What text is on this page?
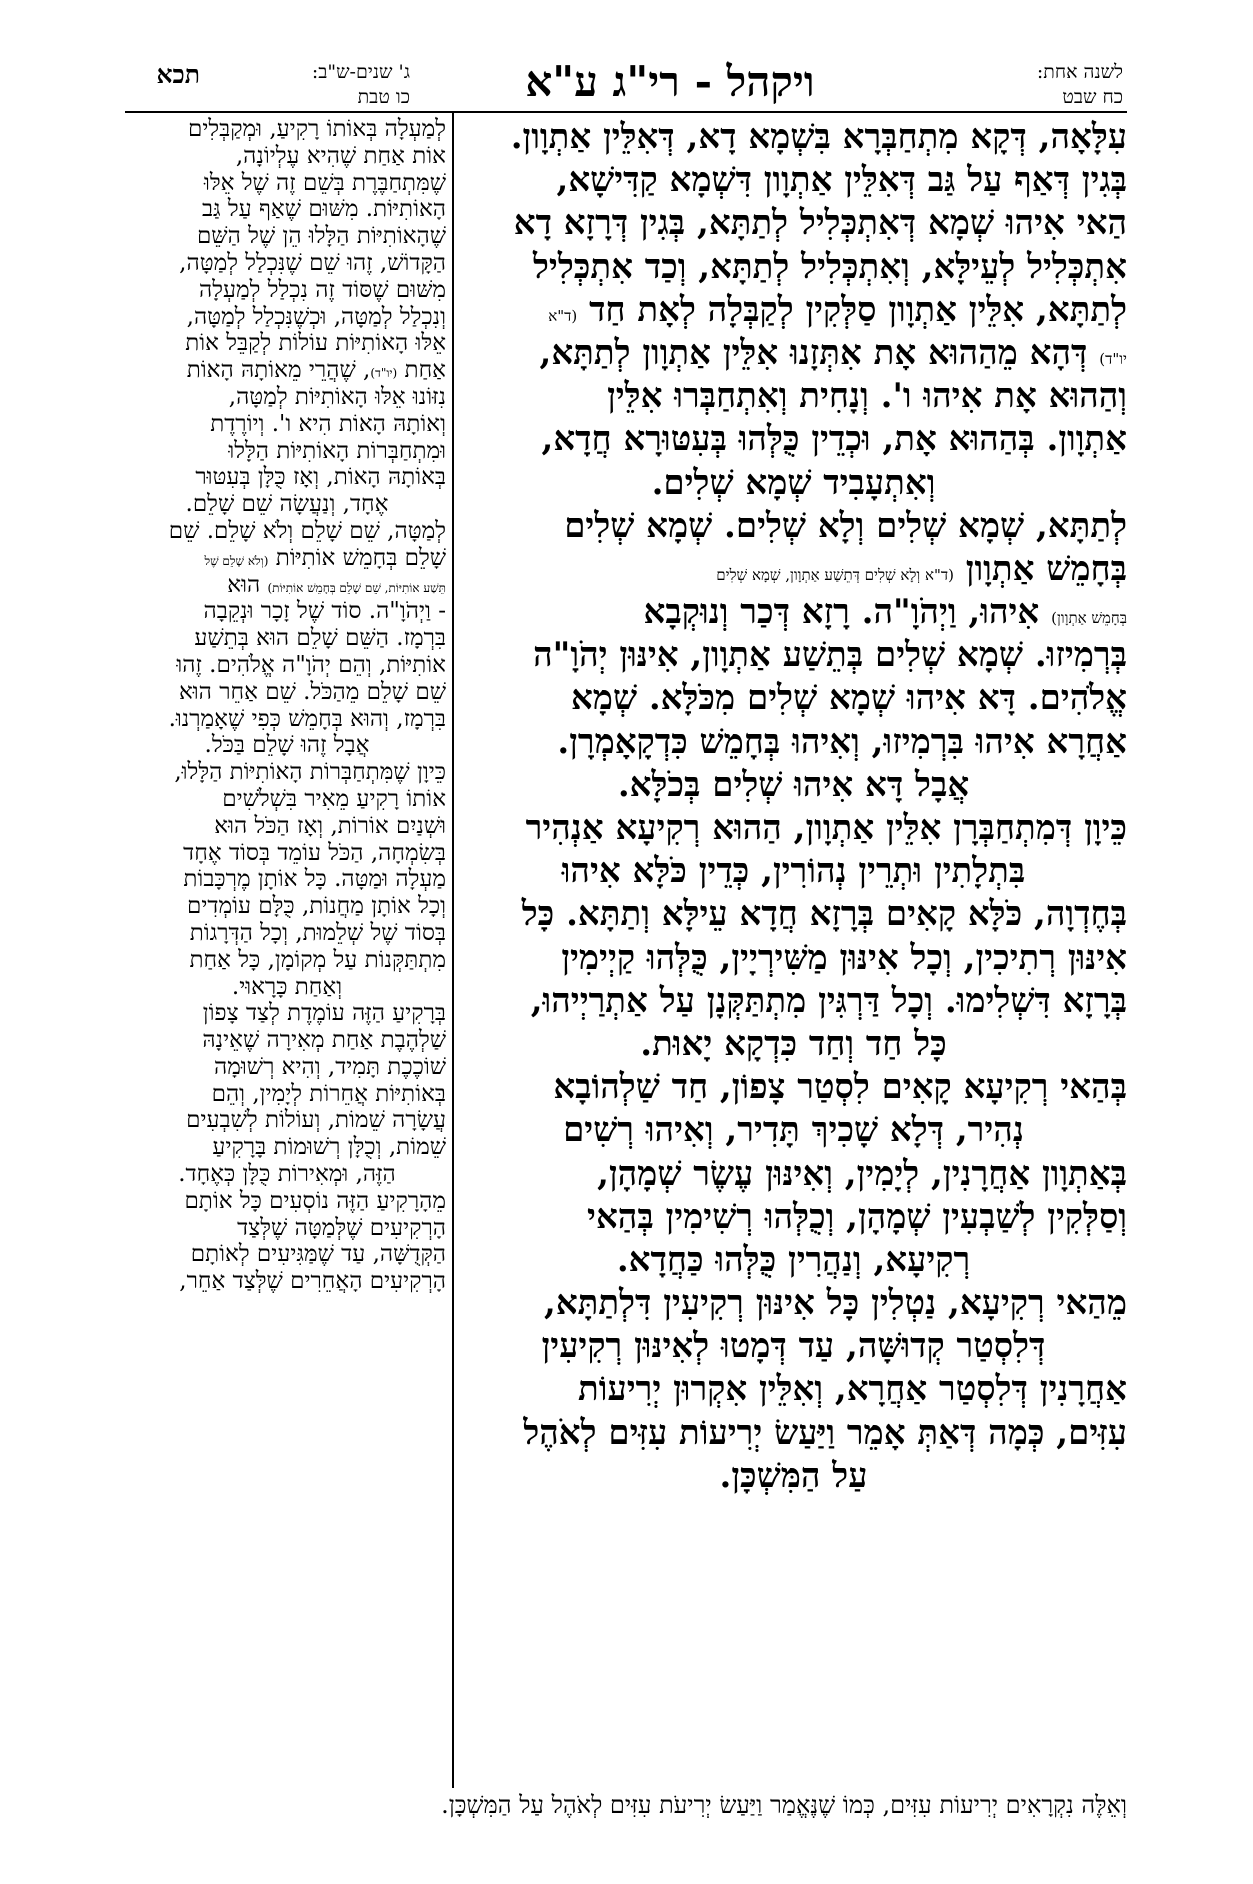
לשנה אחת:
כח שבט
ויקהל - רי"ג ע"א
ג' שנים-ש"ב:
כו טבת
תכא
עִלָּאָה, דְּקָא מִתְחַבְּרָא בִּשְׁמָא דָא, דְּאִלֵּין אַתְוָון.
בְּגִין דְּאַף עַל גַּב דְּאִלֵּין אַתְוָון דִּשְׁמָא קַדִּישָׁא,
הַאי אִיהוּ שְׁמָא דְּאִתְכְּלִיל לְתַתָּא, בְּגִין דְּרָזָא דָא
אִתְכְּלִיל לְעֵילָּא, וְאִתְכְּלִיל לְתַתָּא, וְכַד אִתְכְּלִיל
לְתַתָּא, אִלֵּין אַתְוָון סַלְּקִין לְקַבְּלָה לְאָת חַד (ד"א
יו"ד) דְּהָא מֵהַהוּא אָת אִתְּזָנוּ אִלֵּין אַתְוָון לְתַתָּא,
וְהַהוּא אָת אִיהוּ ו'. וְנָחִית וְאִתְחַבְּרוּ אִלֵּין
אַתְוָון. בְּהַהוּא אָת, וּכְדֵין כֻּלְּהוּ בְּעִטּוּרָא חֲדָא,
וְאִתְעָבִיד שְׁמָא שְׁלִים.
לְתַתָּא, שְׁמָא שְׁלִים וְלָא שְׁלִים. שְׁמָא שְׁלִים
בְּחָמֵשׁ אַתְוָון (ד"א וְלָא שְׁלִים דְּתֵשַׁע אַתְוָון, שְׁמָא שְׁלִים
בְּחָמֵשׁ אַתְוָון) אִיהוּ, וַיְהֹוָ"ה. רָזָא דְּכַר וְנוּקְבָא
בְּרְמִיזוּ. שְׁמָא שְׁלִים בְּתֵשַׁע אַתְוָון, אִינּוּן יְהֹוָ"ה
אֱלֹהִים. דָּא אִיהוּ שְׁמָא שְׁלִים מִכֹּלָּא. שְׁמָא
אַחֲרָא אִיהוּ בִּרְמִיזוּ, וְאִיהוּ בְּחָמֵשׁ כִּדְקָאָמְרָן.
אֲבָל דָּא אִיהוּ שְׁלִים בְּכֹלָּא.
כֵּיוָן דְּמִתְחַבְּרָן אִלֵּין אַתְוָון, הַהוּא רְקִיעָא אַנְהִיר
בִּתְלָתִין וּתְרֵין נְהוֹרִין, כְּדֵין כֹּלָּא אִיהוּ
בְּחֶדְוָה, כֹּלָּא קָאִים בְּרָזָא חֲדָא עֵילָּא וְתַתָּא. כָּל
אִינּוּן רְתִיכִין, וְכָל אִינּוּן מַשִּׁירְיָין, כֻּלְּהוּ קַיְימִין
בְּרָזָא דִּשְׁלִימוּ. וְכָל דַּרְגִּין מִתְתַּקְּנָן עַל אַתְרַיְיהוּ,
כָּל חַד וְחַד כִּדְקָא יָאוּת.
בְּהַאי רְקִיעָא קָאִים לִסְטַר צָפוֹן, חַד שַׁלְהוֹבָא
נְהִיר, דְּלָא שָׁכִיךְ תָּדִיר, וְאִיהוּ רְשִׁים
בְּאַתְוָון אַחֲרָנִין, לְיָמִין, וְאִינּוּן עֶשֶׂר שְׁמָהָן,
וְסַלְּקִין לְשַׁבְעִין שְׁמָהָן, וְכֻלְּהוּ רְשִׁימִין בְּהַאי
רְקִיעָא, וְנַהֲרִין כֻּלְּהוּ כַּחֲדָא.
מֵהַאי רְקִיעָא, נַטְלִין כָּל אִינּוּן רְקִיעִין דִּלְתַתָּא,
דְּלִסְטַר קְדוּשָּׁה, עַד דְּמָטוּ לְאִינּוּן רְקִיעִין
אַחֲרָנִין דְּלִסְטַר אַחֲרָא, וְאִלֵּין אִקְרוּן יְרִיעוֹת
עִזִּים, כְּמָה דְּאַתְּ אָמֵר וַיַּעַשׂ יְרִיעוֹת עִזִּים לְאֹהֶל
עַל הַמִּשְׁכָּן.
לְמַעְלָה בְּאוֹתוֹ רָקִיעַ, וּמְקַבְּלִים
אוֹת אַחַת שֶׁהִיא עֶלְיוֹנָה,
שֶׁמִּתְחַבֶּרֶת בְּשֵׁם זֶה שֶׁל אֵלּוּ
הָאוֹתִיּוֹת. מִשּׁוּם שֶׁאַף עַל גַּב
שֶׁהָאוֹתִיּוֹת הַלָּלוּ הֵן שֶׁל הַשֵּׁם
הַקָּדוֹשׁ, זֶהוּ שֵׁם שֶׁנִּכְלַל לְמַטָּה,
מִשּׁוּם שֶׁסּוֹד זֶה נִכְלַל לְמַעְלָה
וְנִכְלַל לְמַטָּה, וּכְשֶׁנִּכְלַל לְמַטָּה,
אֵלּוּ הָאוֹתִיּוֹת עוֹלוֹת לְקַבֵּל אוֹת
אַחַת (יו"ד), שֶׁהֲרֵי מֵאוֹתָהּ הָאוֹת
נִזּוֹנוּ אֵלּוּ הָאוֹתִיּוֹת לְמַטָּה,
וְאוֹתָהּ הָאוֹת הִיא ו'. וְיוֹרֶדֶת
וּמִתְחַבְּרוֹת הָאוֹתִיּוֹת הַלָּלוּ
בְּאוֹתָהּ הָאוֹת, וְאָז כֻּלָּן בְּעִטּוּר
אֶחָד, וְנַעֲשָׂה שֵׁם שָׁלֵם.
לְמַטָּה, שֵׁם שָׁלֵם וְלֹא שָׁלֵם. שֵׁם
שָׁלֵם בְּחָמֵשׁ אוֹתִיּוֹת (וְלֹא שָׁלֵם שֶׁל
תֵּשַׁע אוֹתִיּוֹת, שֵׁם שָׁלֵם בְּחָמֵשׁ אוֹתִיּוֹת) הוּא
- וַיְהֹוָ"ה. סוֹד שֶׁל זָכָר וּנְקֵבָה
בִּרְמָז. הַשֵּׁם שָׁלֵם הוּא בְּתֵשַׁע
אוֹתִיּוֹת, וְהֵם יְהֹוָ"ה אֱלֹהִים. זֶהוּ
שֵׁם שָׁלֵם מֵהַכֹּל. שֵׁם אַחֵר הוּא
בִּרְמָז, וְהוּא בְּחָמֵשׁ כְּפִי שֶׁאָמַרְנוּ.
אֲבָל זֶהוּ שָׁלֵם בַּכֹּל.
כֵּיוָן שֶׁמִּתְחַבְּרוֹת הָאוֹתִיּוֹת הַלָּלוּ,
אוֹתוֹ רָקִיעַ מֵאִיר בִּשְׁלֹשִׁים
וּשְׁנַיִם אוֹרוֹת, וְאָז הַכֹּל הוּא
בְּשִׂמְחָה, הַכֹּל עוֹמֵד בְּסוֹד אֶחָד
מַעְלָה וּמַטָּה. כָּל אוֹתָן מֶרְכָּבוֹת
וְכָל אוֹתָן מַחֲנוֹת, כֻּלָּם עוֹמְדִים
בְּסוֹד שֶׁל שְׁלֵמוּת, וְכָל הַדְּרָגוֹת
מִתְתַּקְּנוֹת עַל מְקוֹמָן, כָּל אַחַת
וְאַחַת כָּרָאוּי.
בְּרָקִיעַ הַזֶּה עוֹמֶדֶת לְצַד צָפוֹן
שַׁלְהֶבֶת אַחַת מְאִירָה שֶׁאֵינָהּ
שׁוֹכֶכֶת תָּמִיד, וְהִיא רְשׁוּמָה
בְּאוֹתִיּוֹת אֲחֵרוֹת לְיָמִין, וְהֵם
עֲשָׂרָה שֵׁמוֹת, וְעוֹלוֹת לְשִׁבְעִים
שֵׁמוֹת, וְכֻלָּן רְשׁוּמוֹת בָּרָקִיעַ
הַזֶּה, וּמְאִירוֹת כֻּלָּן כְּאֶחָד.
מֵהָרָקִיעַ הַזֶּה נוֹסְעִים כָּל אוֹתָם
הָרְקִיעִים שֶׁלְּמַטָּה שֶׁלְּצַד
הַקְּדֻשָּׁה, עַד שֶׁמַּגִּיעִים לְאוֹתָם
הָרְקִיעִים הָאֲחֵרִים שֶׁלְּצַד אַחֵר,
וְאֵלֶּה נִקְרָאִים יְרִיעוֹת עִזִּים, כְּמוֹ שֶׁנֶּאֱמַר וַיַּעַשׂ יְרִיעֹת עִזִּים לְאֹהֶל עַל הַמִּשְׁכָּן.
